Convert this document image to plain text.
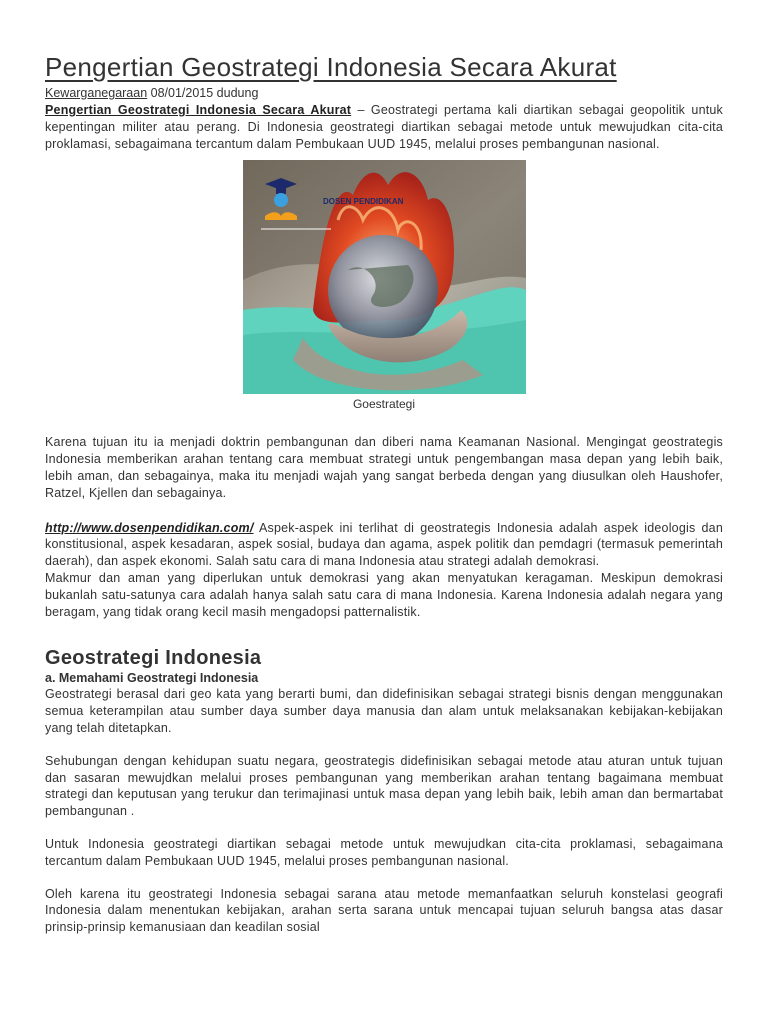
Pengertian Geostrategi Indonesia Secara Akurat
Kewarganegaraan 08/01/2015 dudung

Pengertian Geostrategi Indonesia Secara Akurat – Geostrategi pertama kali diartikan sebagai geopolitik untuk kepentingan militer atau perang. Di Indonesia geostrategi diartikan sebagai metode untuk mewujudkan cita-cita proklamasi, sebagaimana tercantum dalam Pembukaan UUD 1945, melalui proses pembangunan nasional.

DOSEN PENDIDIKAN
Goestrategi

Karena tujuan itu ia menjadi doktrin pembangunan dan diberi nama Keamanan Nasional. Mengingat geostrategis Indonesia memberikan arahan tentang cara membuat strategi untuk pengembangan masa depan yang lebih baik, lebih aman, dan sebagainya, maka itu menjadi wajah yang sangat berbeda dengan yang diusulkan oleh Haushofer, Ratzel, Kjellen dan sebagainya.

http://www.dosenpendidikan.com/ Aspek-aspek ini terlihat di geostrategis Indonesia adalah aspek ideologis dan konstitusional, aspek kesadaran, aspek sosial, budaya dan agama, aspek politik dan pemdagri (termasuk pemerintah daerah), dan aspek ekonomi. Salah satu cara di mana Indonesia atau strategi adalah demokrasi.

Makmur dan aman yang diperlukan untuk demokrasi yang akan menyatukan keragaman. Meskipun demokrasi bukanlah satu-satunya cara adalah hanya salah satu cara di mana Indonesia. Karena Indonesia adalah negara yang beragam, yang tidak orang kecil masih mengadopsi patternalistik.

Geostrategi Indonesia
a. Memahami Geostrategi Indonesia

Geostrategi berasal dari geo kata yang berarti bumi, dan didefinisikan sebagai strategi bisnis dengan menggunakan semua keterampilan atau sumber daya sumber daya manusia dan alam untuk melaksanakan kebijakan-kebijakan yang telah ditetapkan.

Sehubungan dengan kehidupan suatu negara, geostrategis didefinisikan sebagai metode atau aturan untuk tujuan dan sasaran mewujdkan melalui proses pembangunan yang memberikan arahan tentang bagaimana membuat strategi dan keputusan yang terukur dan terimajinasi untuk masa depan yang lebih baik, lebih aman dan bermartabat pembangunan .

Untuk Indonesia geostrategi diartikan sebagai metode untuk mewujudkan cita-cita proklamasi, sebagaimana tercantum dalam Pembukaan UUD 1945, melalui proses pembangunan nasional.

Oleh karena itu geostrategi Indonesia sebagai sarana atau metode memanfaatkan seluruh konstelasi geografi Indonesia dalam menentukan kebijakan, arahan serta sarana untuk mencapai tujuan seluruh bangsa atas dasar prinsip-prinsip kemanusiaan dan keadilan sosial
